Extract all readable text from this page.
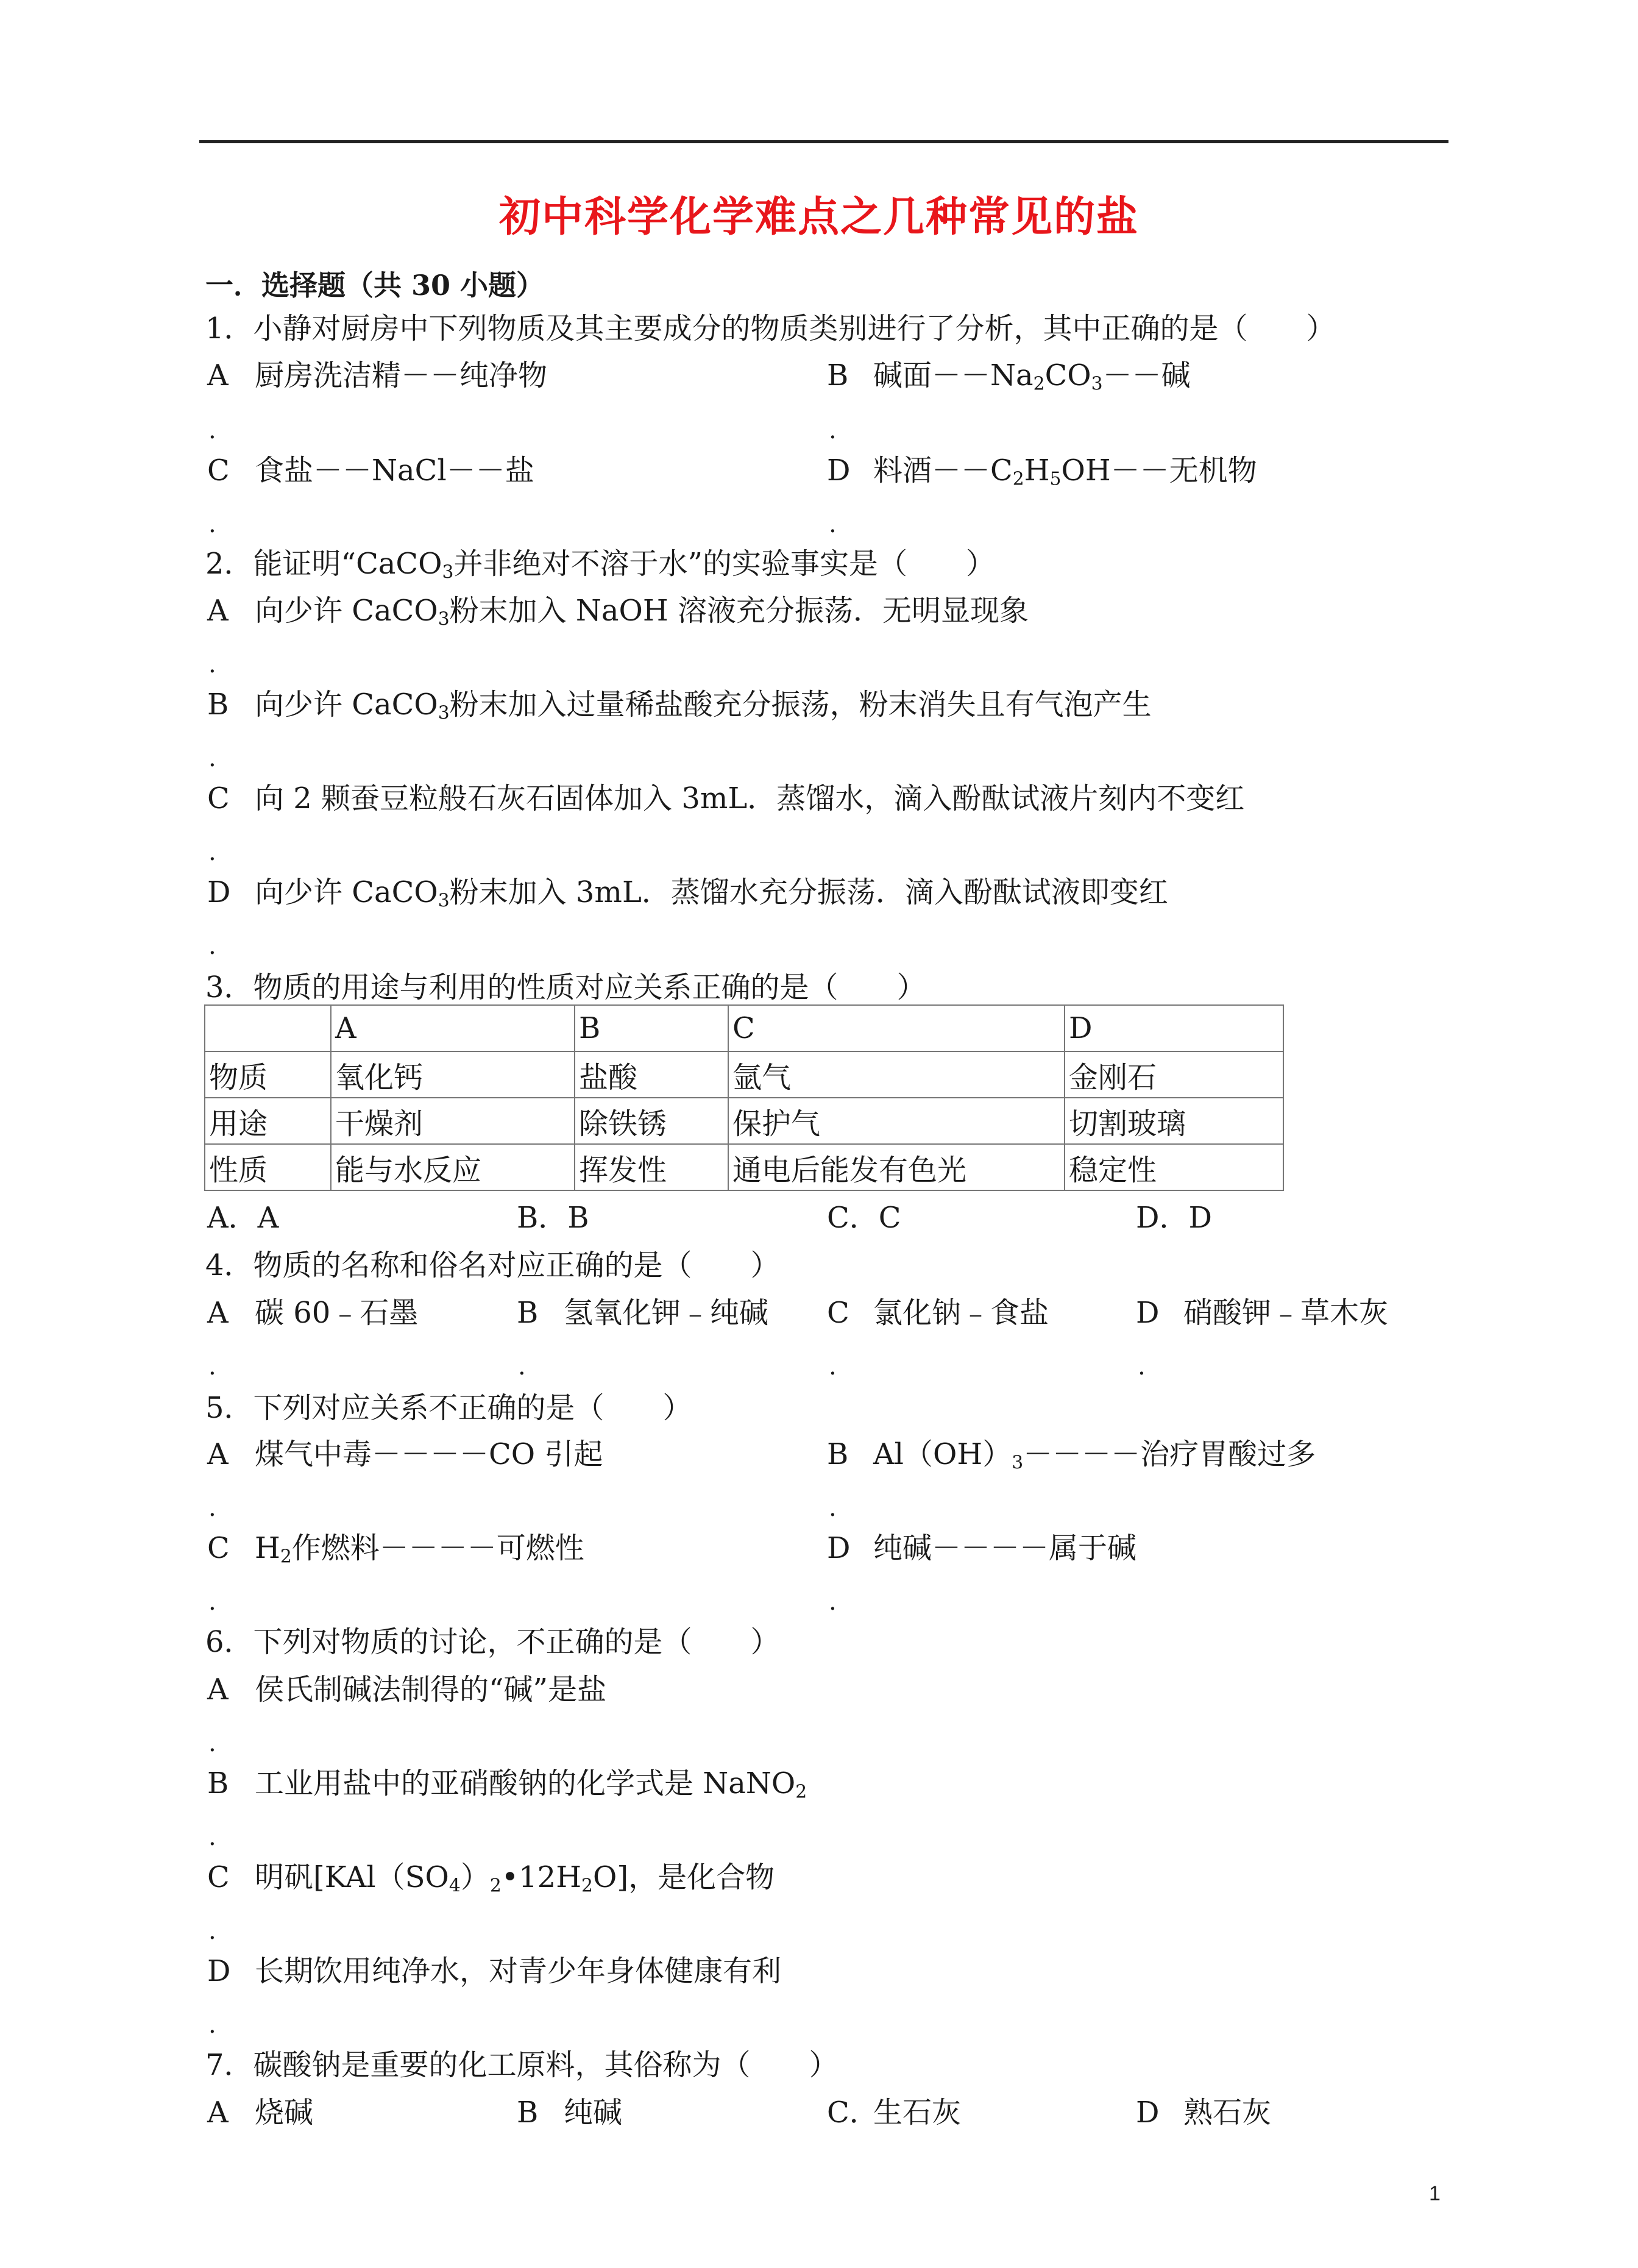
初中科学化学难点之几种常见的盐
一．选择题（共 30 小题）
1．小静对厨房中下列物质及其主要成分的物质类别进行了分析，其中正确的是（　　）
A 厨房洗洁精－－纯净物	B 碱面$--Na_2CO_3--$碱
.	.
C 食盐－－NaCl－－盐	D 料酒$--C_2H_5OH--$无机物
.	.
2．能证明“CaCO$_3$并非绝对不溶于水”的实验事实是（　　）
A 向少许 CaCO$_3$粉末加入 NaOH 溶液充分振荡．无明显现象
.
B 向少许 CaCO$_3$粉末加入过量稀盐酸充分振荡，粉末消失且有气泡产生
.
C 向 2 颗蚕豆粒般石灰石固体加入 3mL．蒸馏水，滴入酚酞试液片刻内不变红
.
D 向少许 CaCO$_3$粉末加入 3mL．蒸馏水充分振荡．滴入酚酞试液即变红
.
3．物质的用途与利用的性质对应关系正确的是（　　）
	A	B	C	D
物质	氧化钙	盐酸	氩气	金刚石
用途	干燥剂	除铁锈	保护气	切割玻璃
性质	能与水反应	挥发性	通电后能发有色光	稳定性
A．A	B．B	C．C	D．D
4．物质的名称和俗名对应正确的是（　　）
A 碳 60﹣石墨	B 氢氧化钾﹣纯碱 C 氯化钠﹣食盐	D 硝酸钾﹣草木灰
.	.	.	.
5．下列对应关系不正确的是（　　）
A 煤气中毒－－－－CO 引起	B $Al(OH)_3----$治疗胃酸过多
.	.
C $H_2$作燃料－－－－可燃性	D 纯碱－－－－属于碱
.	.
6．下列对物质的讨论，不正确的是（　　）
A 侯氏制碱法制得的“碱”是盐
.
B 工业用盐中的亚硝酸钠的化学式是 NaNO$_2$
.
C 明矾$[KAl(SO_4)_2•12H_2O]$，是化合物
.
D 长期饮用纯净水，对青少年身体健康有利
.
7．碳酸钠是重要的化工原料，其俗称为（　　）
A 烧碱	B 纯碱	C．
生石灰	D 熟石灰
1
